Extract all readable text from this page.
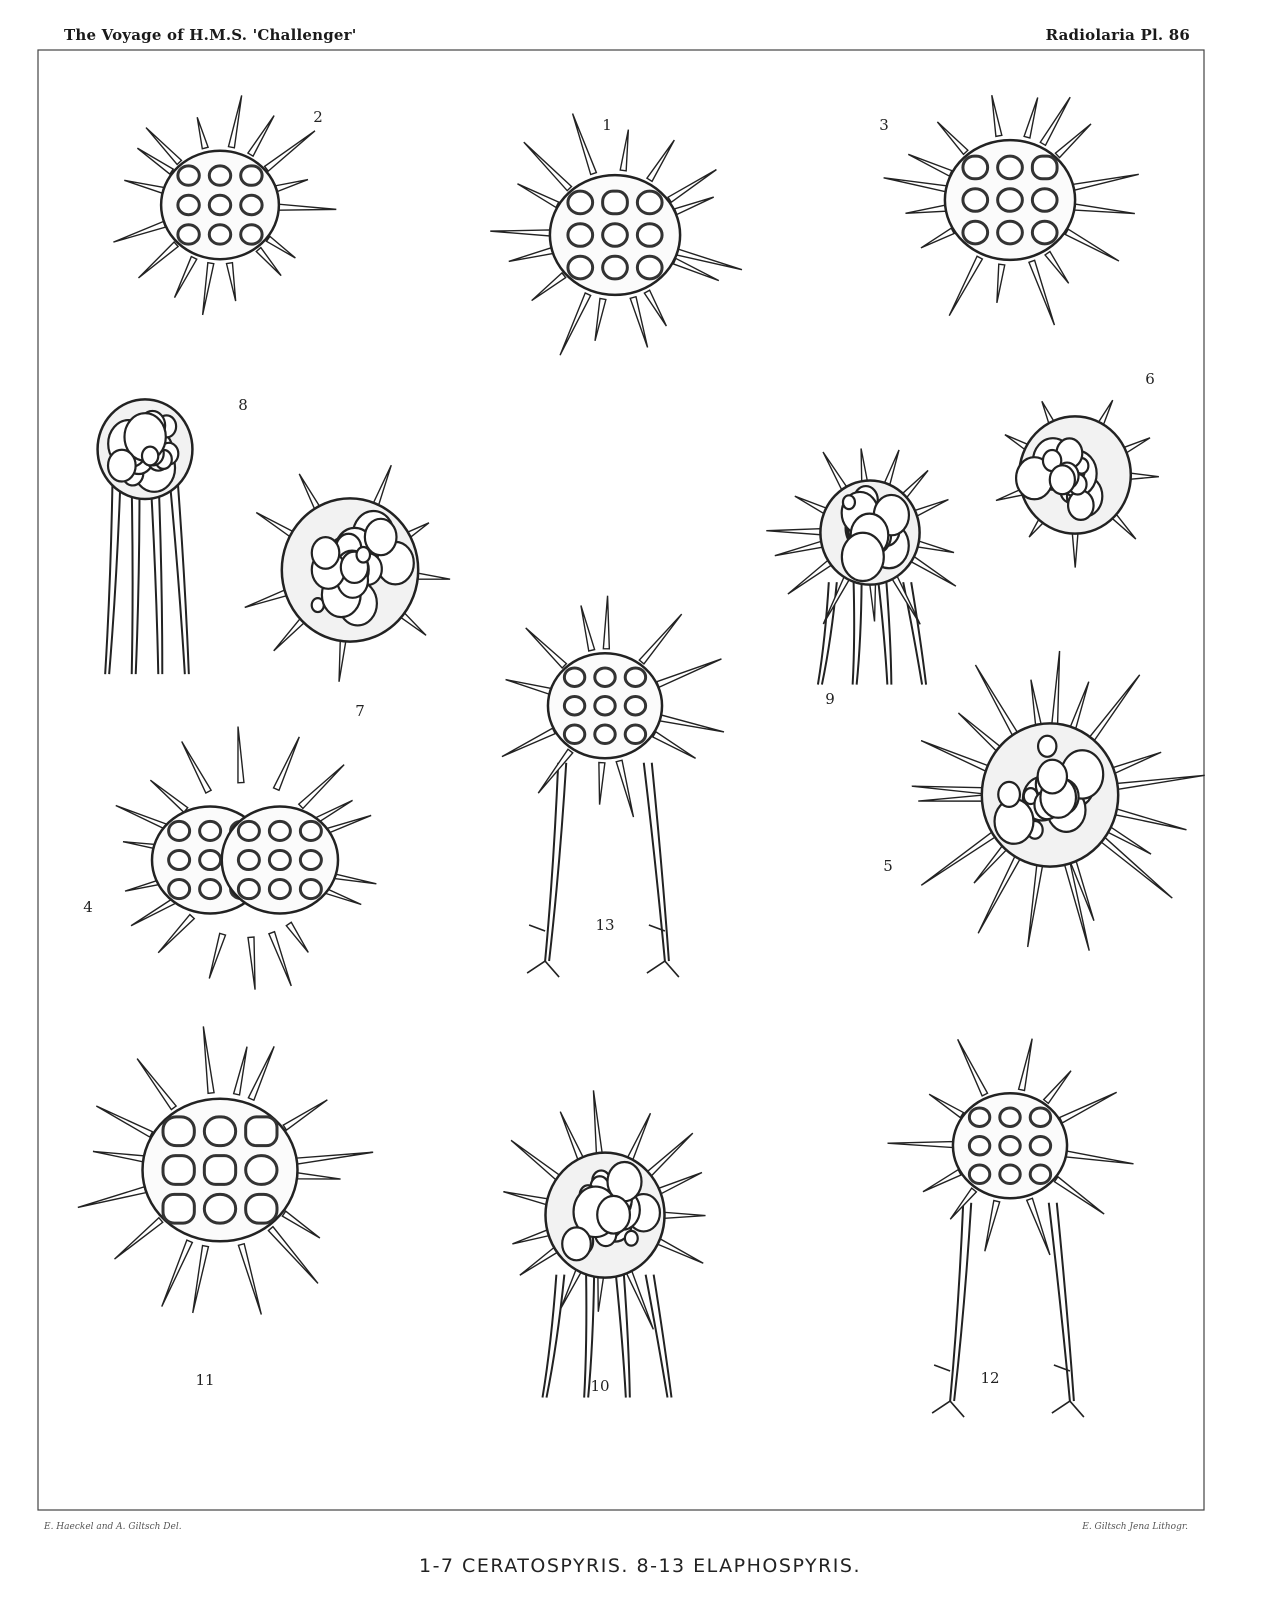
The Voyage of H.M.S. 'Challenger'	Radiolaria Pl. 86
1
2	3
4
5
6
7
8
9
10
11	12
13
E. Haeckel and A. Giltsch Del.	E. Giltsch Jena Lithogr.
1-7 CERATOSPYRIS. 8-13 ELAPHOSPYRIS.
